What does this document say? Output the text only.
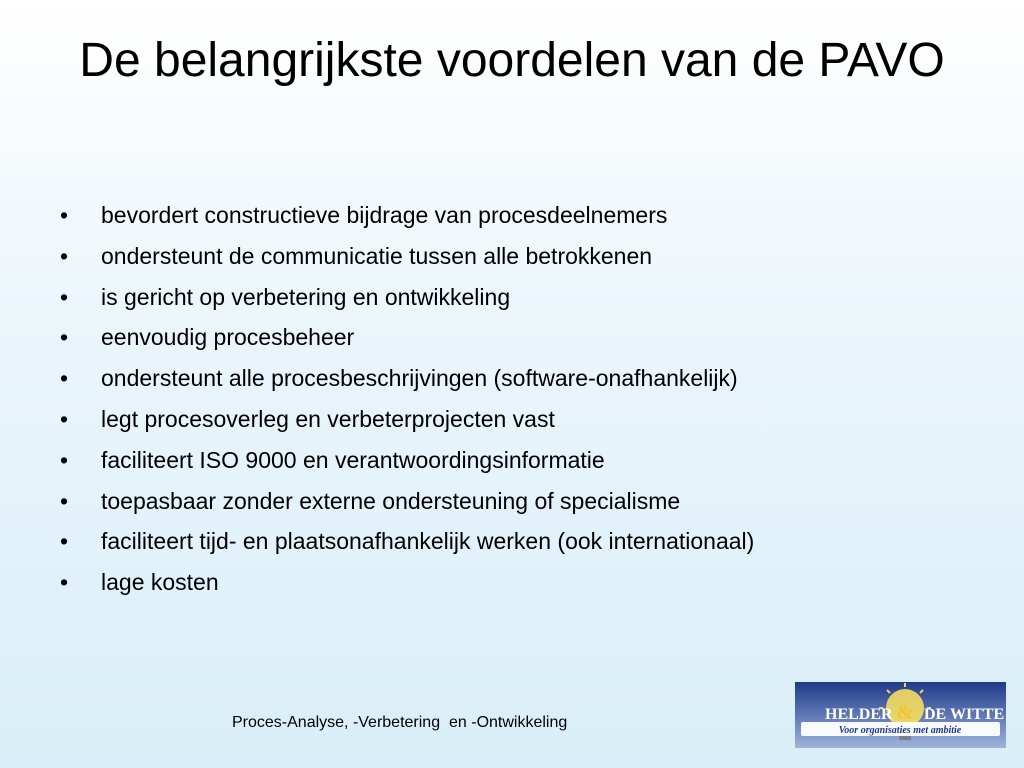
De belangrijkste voordelen van de PAVO
•	bevordert constructieve bijdrage van procesdeelnemers
•	ondersteunt de communicatie tussen alle betrokkenen
•	is gericht op verbetering en ontwikkeling
•	eenvoudig procesbeheer
•	ondersteunt alle procesbeschrijvingen (software-onafhankelijk)
•	legt procesoverleg en verbeterprojecten vast
•	faciliteert ISO 9000 en verantwoordingsinformatie
•	toepasbaar zonder externe ondersteuning of specialisme
•	faciliteert tijd- en plaatsonafhankelijk werken (ook internationaal)
•	lage kosten
Proces-Analyse, -Verbetering  en -Ontwikkeling	HELDER & DE WITTE
Voor organisaties met ambitie
